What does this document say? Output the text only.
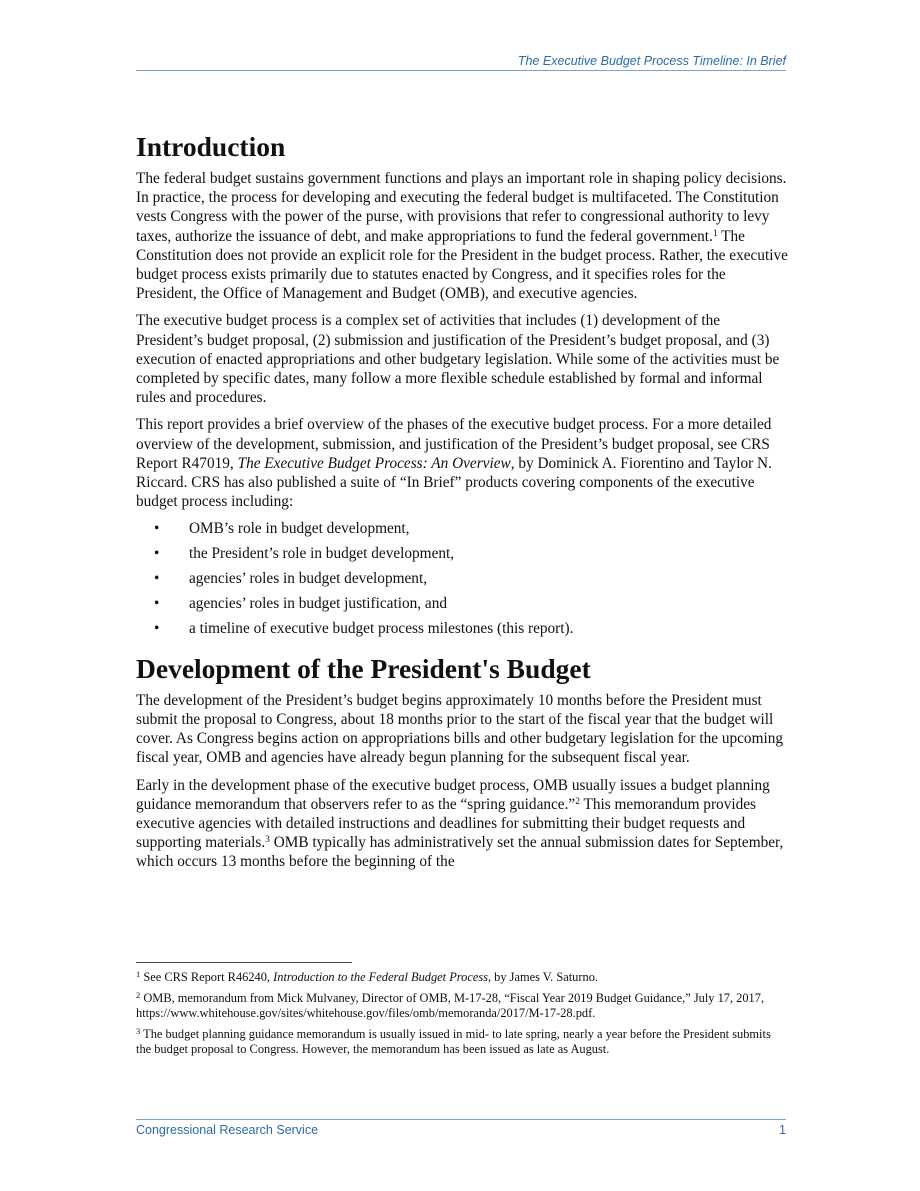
The Executive Budget Process Timeline: In Brief
Introduction

The federal budget sustains government functions and plays an important role in shaping policy decisions. In practice, the process for developing and executing the federal budget is multifaceted. The Constitution vests Congress with the power of the purse, with provisions that refer to congressional authority to levy taxes, authorize the issuance of debt, and make appropriations to fund the federal government.$^1$ The Constitution does not provide an explicit role for the President in the budget process. Rather, the executive budget process exists primarily due to statutes enacted by Congress, and it specifies roles for the President, the Office of Management and Budget (OMB), and executive agencies.

The executive budget process is a complex set of activities that includes (1) development of the President’s budget proposal, (2) submission and justification of the President’s budget proposal, and (3) execution of enacted appropriations and other budgetary legislation. While some of the activities must be completed by specific dates, many follow a more flexible schedule established by formal and informal rules and procedures.

This report provides a brief overview of the phases of the executive budget process. For a more detailed overview of the development, submission, and justification of the President’s budget proposal, see CRS Report R47019, The Executive Budget Process: An Overview, by Dominick A. Fiorentino and Taylor N. Riccard. CRS has also published a suite of “In Brief” products covering components of the executive budget process including:

•	OMB’s role in budget development,
•	the President’s role in budget development,
•	agencies’ roles in budget development,
•	agencies’ roles in budget justification, and
•	a timeline of executive budget process milestones (this report).
Development of the President's Budget

The development of the President’s budget begins approximately 10 months before the President must submit the proposal to Congress, about 18 months prior to the start of the fiscal year that the budget will cover. As Congress begins action on appropriations bills and other budgetary legislation for the upcoming fiscal year, OMB and agencies have already begun planning for the subsequent fiscal year.

Early in the development phase of the executive budget process, OMB usually issues a budget planning guidance memorandum that observers refer to as the “spring guidance.”$^2$ This memorandum provides executive agencies with detailed instructions and deadlines for submitting their budget requests and supporting materials.$^3$ OMB typically has administratively set the annual submission dates for September, which occurs 13 months before the beginning of the

$^1$ See CRS Report R46240, Introduction to the Federal Budget Process, by James V. Saturno.

$^2$ OMB, memorandum from Mick Mulvaney, Director of OMB, M-17-28, “Fiscal Year 2019 Budget Guidance,” July 17, 2017, https://www.whitehouse.gov/sites/whitehouse.gov/files/omb/memoranda/2017/M-17-28.pdf.

$^3$ The budget planning guidance memorandum is usually issued in mid- to late spring, nearly a year before the President submits the budget proposal to Congress. However, the memorandum has been issued as late as August.

Congressional Research Service	1
